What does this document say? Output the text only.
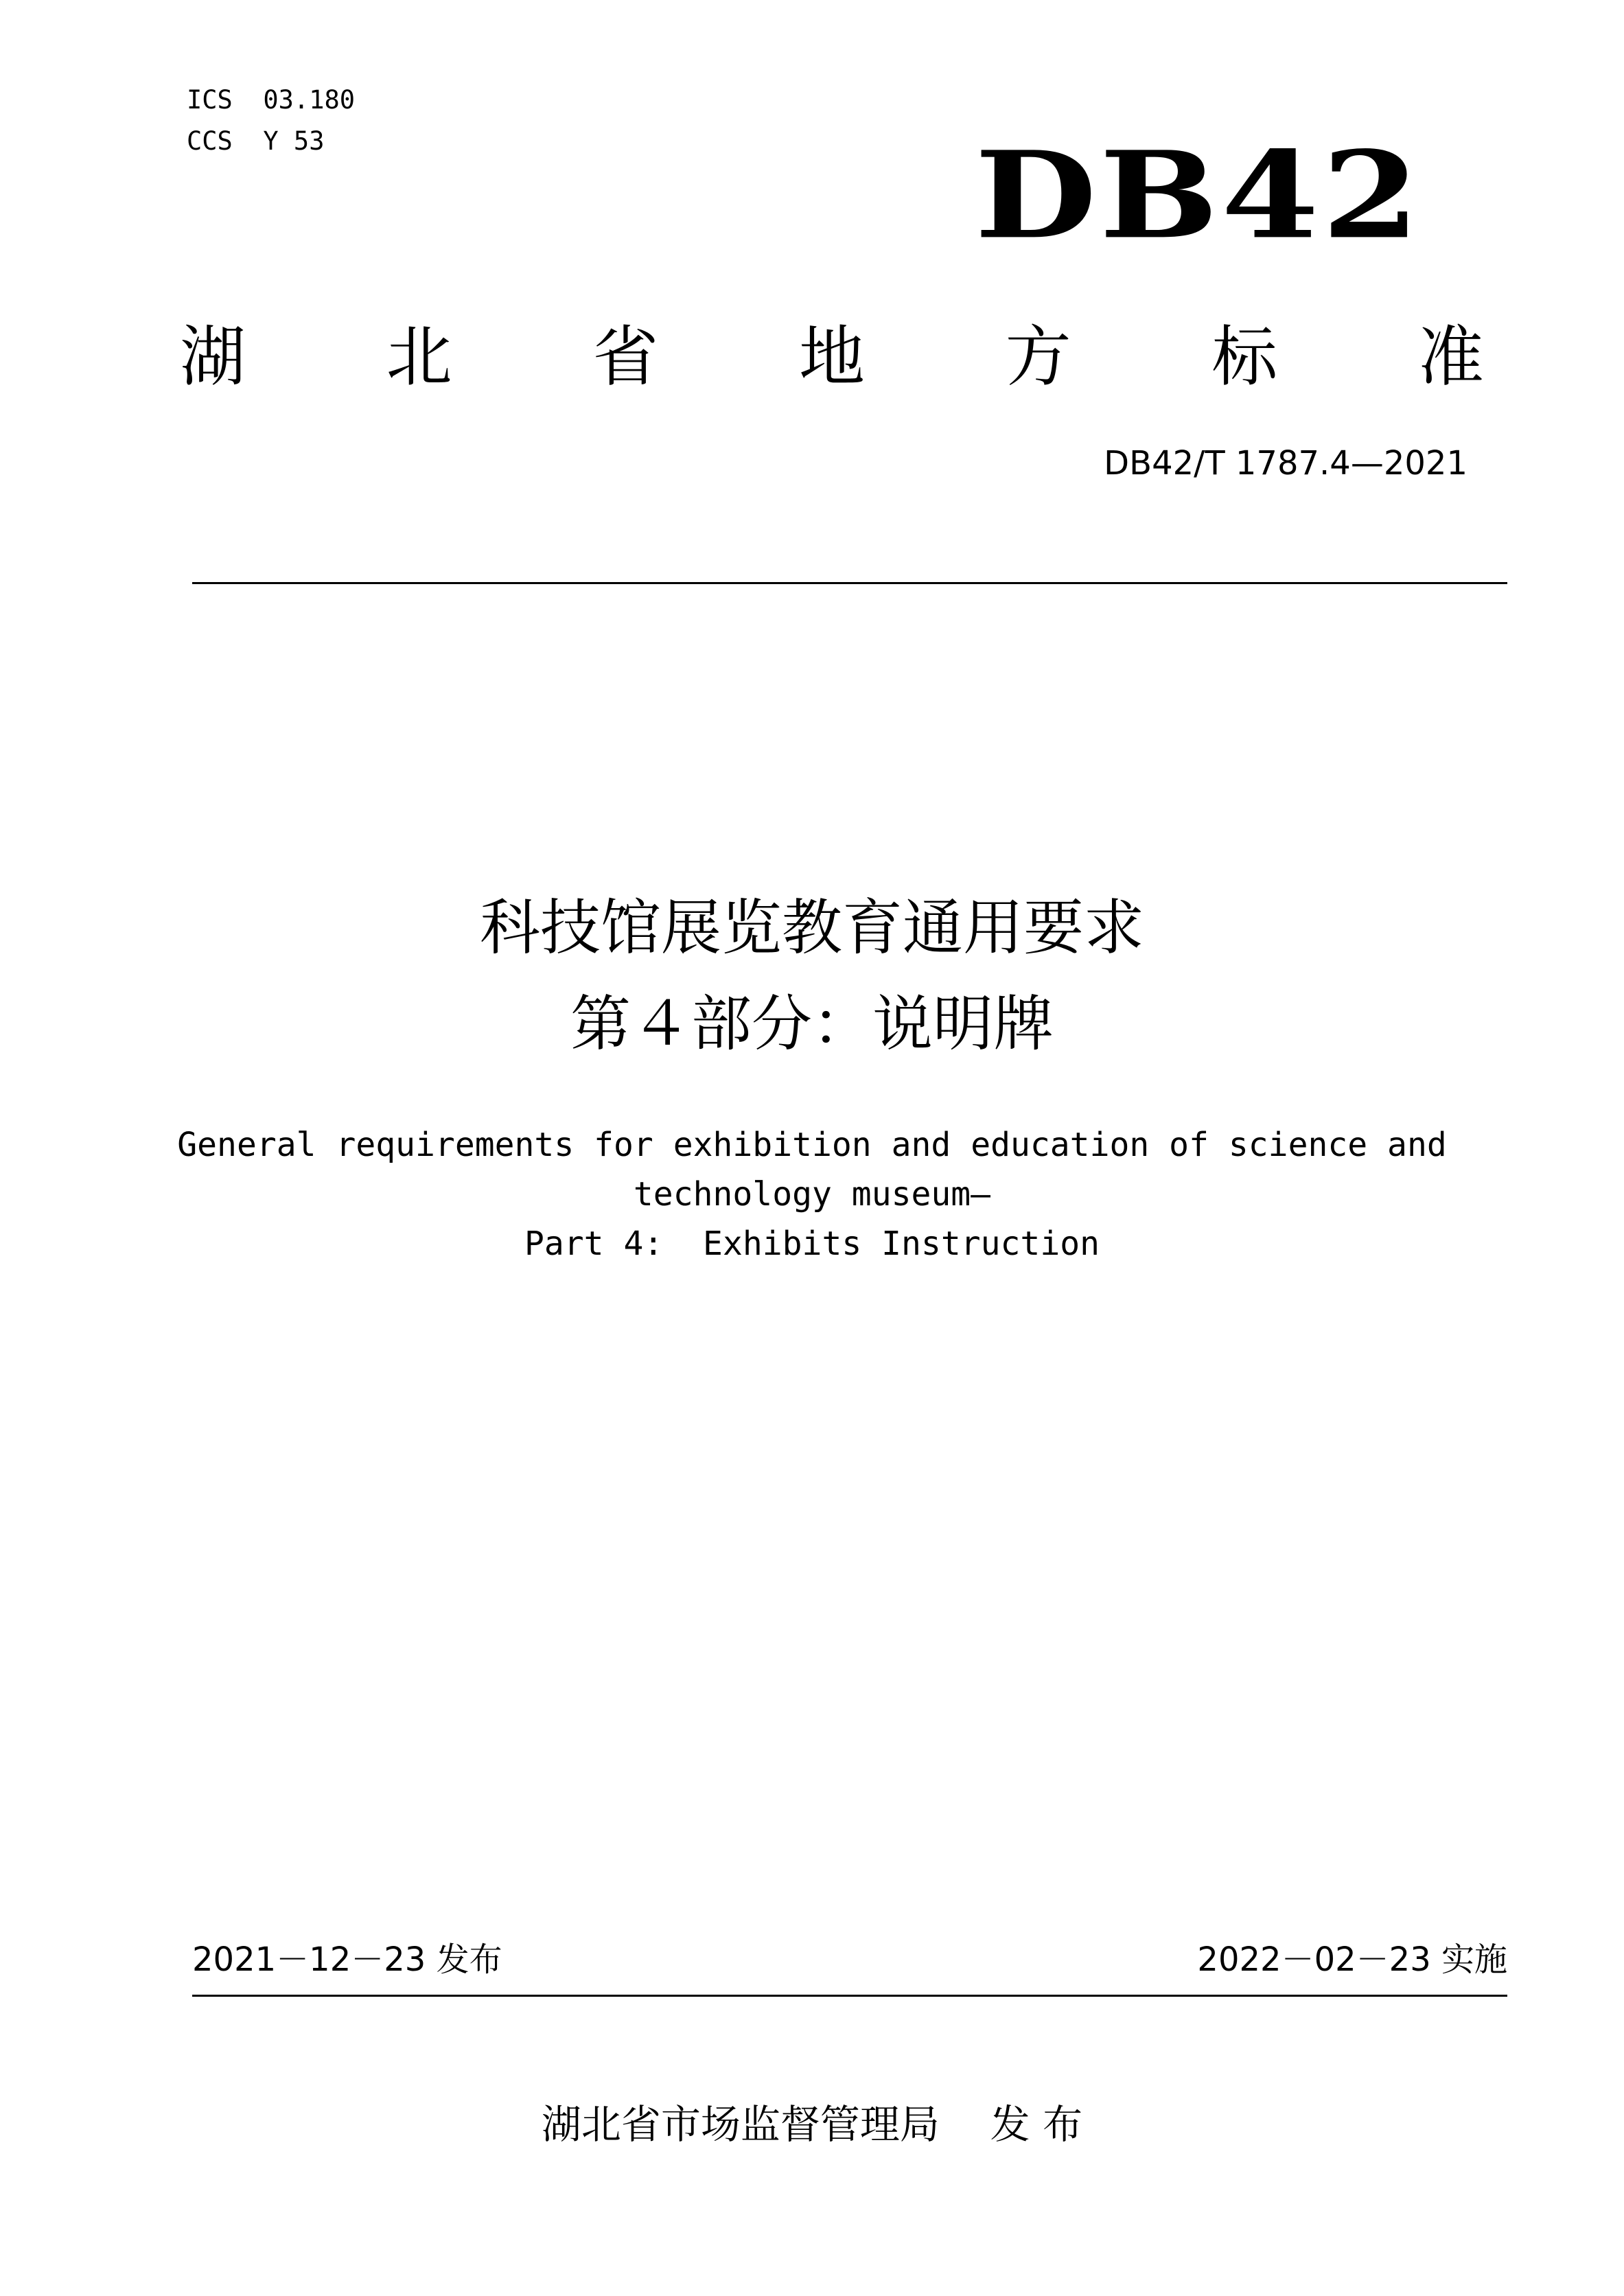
ICS  03.180
CCS  Y 53	DB42
湖 北 省 地 方 标 准
DB42/T 1787.4—2021
科技馆展览教育通用要求
第４部分：说明牌
General requirements for exhibition and education of science and
technology museum—
Part 4:  Exhibits Instruction
2021－12－23 发布	2022－02－23 实施
湖北省市场监督管理局    发 布
